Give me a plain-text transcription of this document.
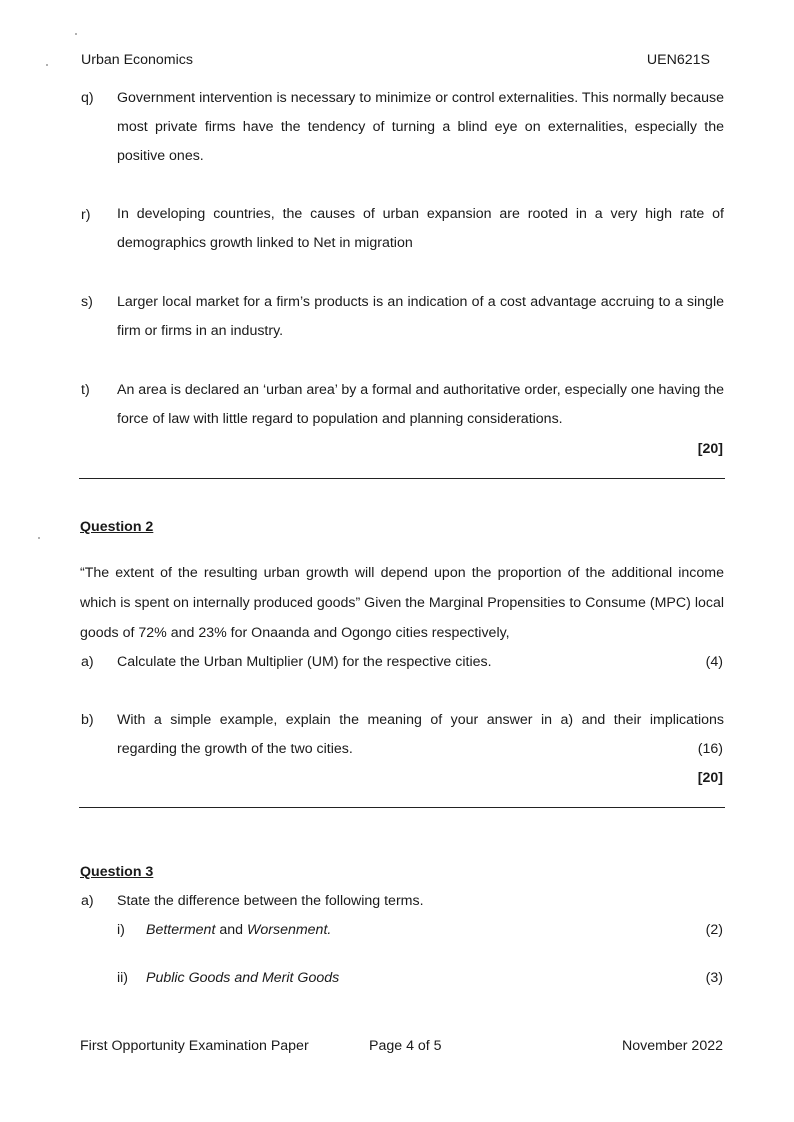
Urban Economics	UEN621S
q) Government intervention is necessary to minimize or control externalities. This normally because most private firms have the tendency of turning a blind eye on externalities, especially the positive ones.
r) In developing countries, the causes of urban expansion are rooted in a very high rate of demographics growth linked to Net in migration
s) Larger local market for a firm’s products is an indication of a cost advantage accruing to a single firm or firms in an industry.
t) An area is declared an ‘urban area’ by a formal and authoritative order, especially one having the force of law with little regard to population and planning considerations.
[20]
Question 2
“The extent of the resulting urban growth will depend upon the proportion of the additional income which is spent on internally produced goods” Given the Marginal Propensities to Consume (MPC) local goods of 72% and 23% for Onaanda and Ogongo cities respectively,
a) Calculate the Urban Multiplier (UM) for the respective cities.	(4)
b) With a simple example, explain the meaning of your answer in a) and their implications
regarding the growth of the two cities.	(16)
[20]
Question 3
a) State the difference between the following terms.
i) Betterment and Worsenment.	(2)
ii) Public Goods and Merit Goods	(3)
First Opportunity Examination Paper	Page 4 of 5	November 2022
